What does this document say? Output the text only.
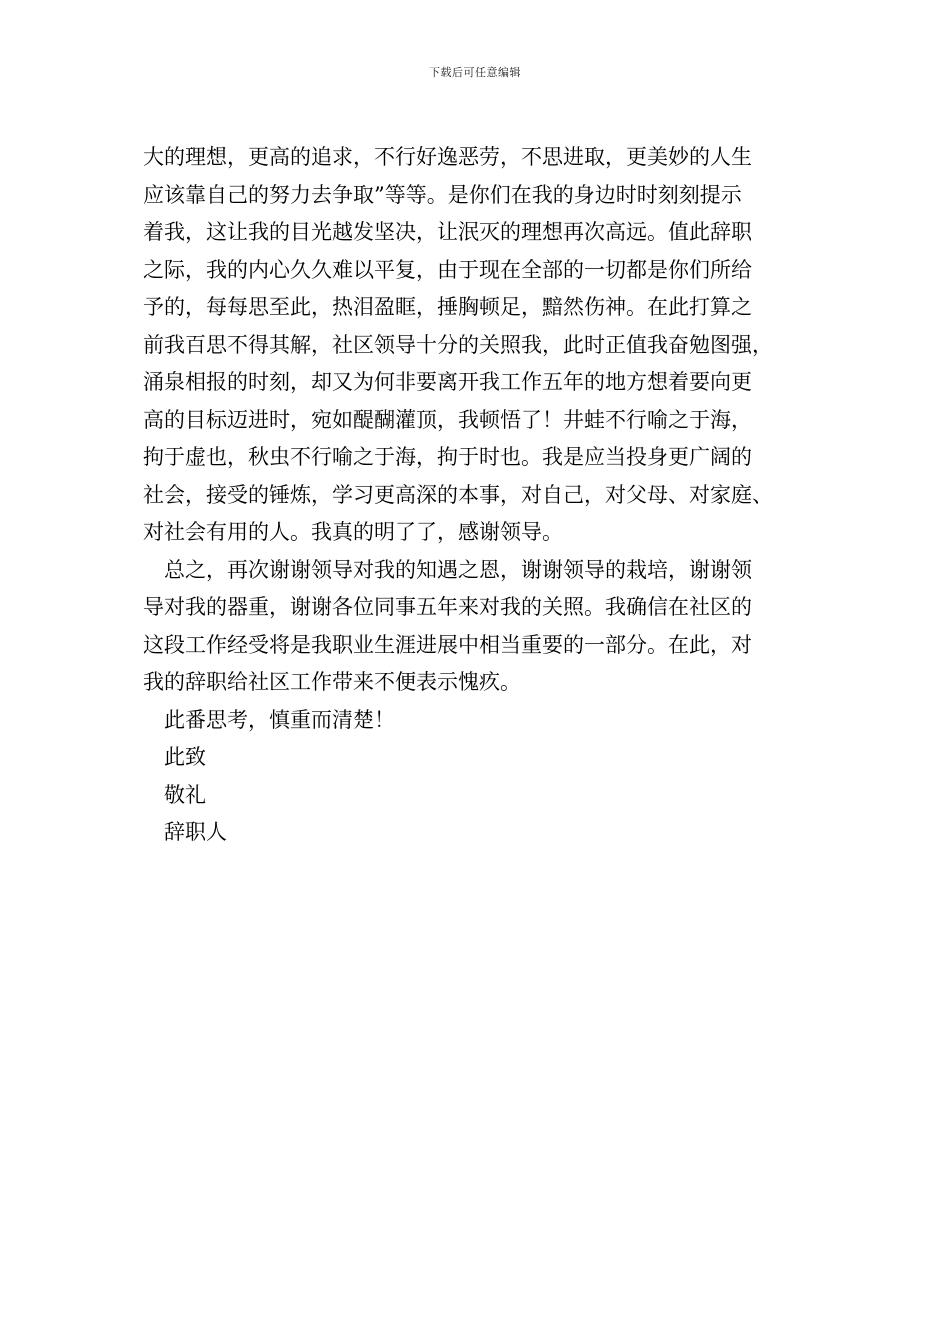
下载后可任意编辑
大的理想，更高的追求，不行好逸恶劳，不思进取，更美妙的人生
应该靠自己的努力去争取”等等。是你们在我的身边时时刻刻提示
着我，这让我的目光越发坚决，让泯灭的理想再次高远。值此辞职
之际，我的内心久久难以平复，由于现在全部的一切都是你们所给
予的，每每思至此，热泪盈眶，捶胸顿足，黯然伤神。在此打算之
前我百思不得其解，社区领导十分的关照我，此时正值我奋勉图强，
涌泉相报的时刻，却又为何非要离开我工作五年的地方想着要向更
高的目标迈进时，宛如醍醐灌顶，我顿悟了！井蛙不行喻之于海，
拘于虚也，秋虫不行喻之于海，拘于时也。我是应当投身更广阔的
社会，接受的锤炼，学习更高深的本事，对自己，对父母、对家庭、
对社会有用的人。我真的明了了，感谢领导。
总之，再次谢谢领导对我的知遇之恩，谢谢领导的栽培，谢谢领
导对我的器重，谢谢各位同事五年来对我的关照。我确信在社区的
这段工作经受将是我职业生涯进展中相当重要的一部分。在此，对
我的辞职给社区工作带来不便表示愧疚。
此番思考，慎重而清楚！
此致
敬礼
辞职人
